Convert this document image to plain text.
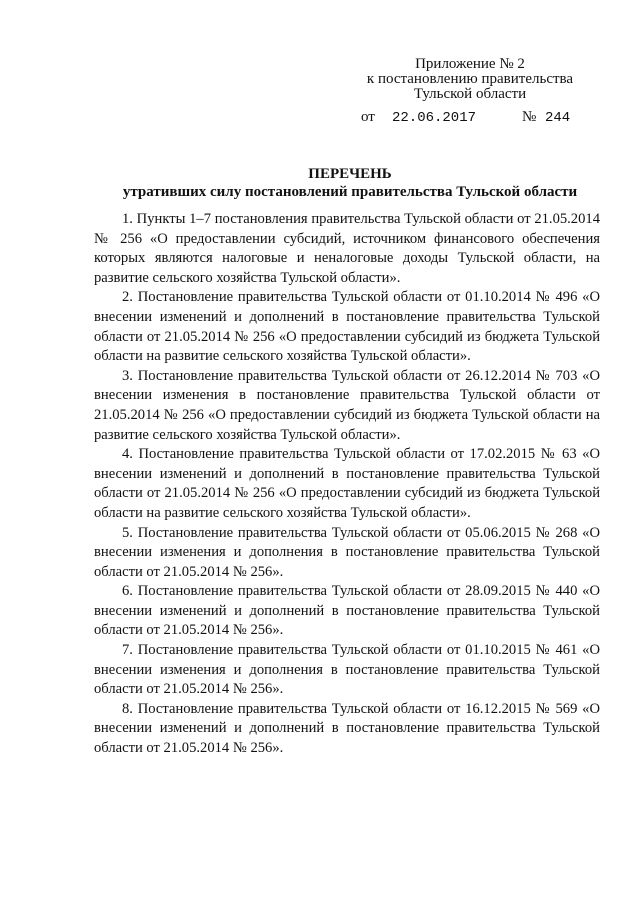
Приложение № 2
к постановлению правительства
Тульской области
от 22.06.2017	№ 244
ПЕРЕЧЕНЬ
утративших силу постановлений правительства Тульской области

1. Пункты 1–7 постановления правительства Тульской области от 21.05.2014 № 256 «О предоставлении субсидий, источником финансового обеспечения которых являются налоговые и неналоговые доходы Тульской области, на развитие сельского хозяйства Тульской области».

2. Постановление правительства Тульской области от 01.10.2014 № 496 «О внесении изменений и дополнений в постановление правительства Тульской области от 21.05.2014 № 256 «О предоставлении субсидий из бюджета Тульской области на развитие сельского хозяйства Тульской области».

3. Постановление правительства Тульской области от 26.12.2014 № 703 «О внесении изменения в постановление правительства Тульской области от 21.05.2014 № 256 «О предоставлении субсидий из бюджета Тульской области на развитие сельского хозяйства Тульской области».

4. Постановление правительства Тульской области от 17.02.2015 № 63 «О внесении изменений и дополнений в постановление правительства Тульской области от 21.05.2014 № 256 «О предоставлении субсидий из бюджета Тульской области на развитие сельского хозяйства Тульской области».

5. Постановление правительства Тульской области от 05.06.2015 № 268 «О внесении изменения и дополнения в постановление правительства Тульской области от 21.05.2014 № 256».

6. Постановление правительства Тульской области от 28.09.2015 № 440 «О внесении изменений и дополнений в постановление правительства Тульской области от 21.05.2014 № 256».

7. Постановление правительства Тульской области от 01.10.2015 № 461 «О внесении изменения и дополнения в постановление правительства Тульской области от 21.05.2014 № 256».

8. Постановление правительства Тульской области от 16.12.2015 № 569 «О внесении изменений и дополнений в постановление правительства Тульской области от 21.05.2014 № 256».
